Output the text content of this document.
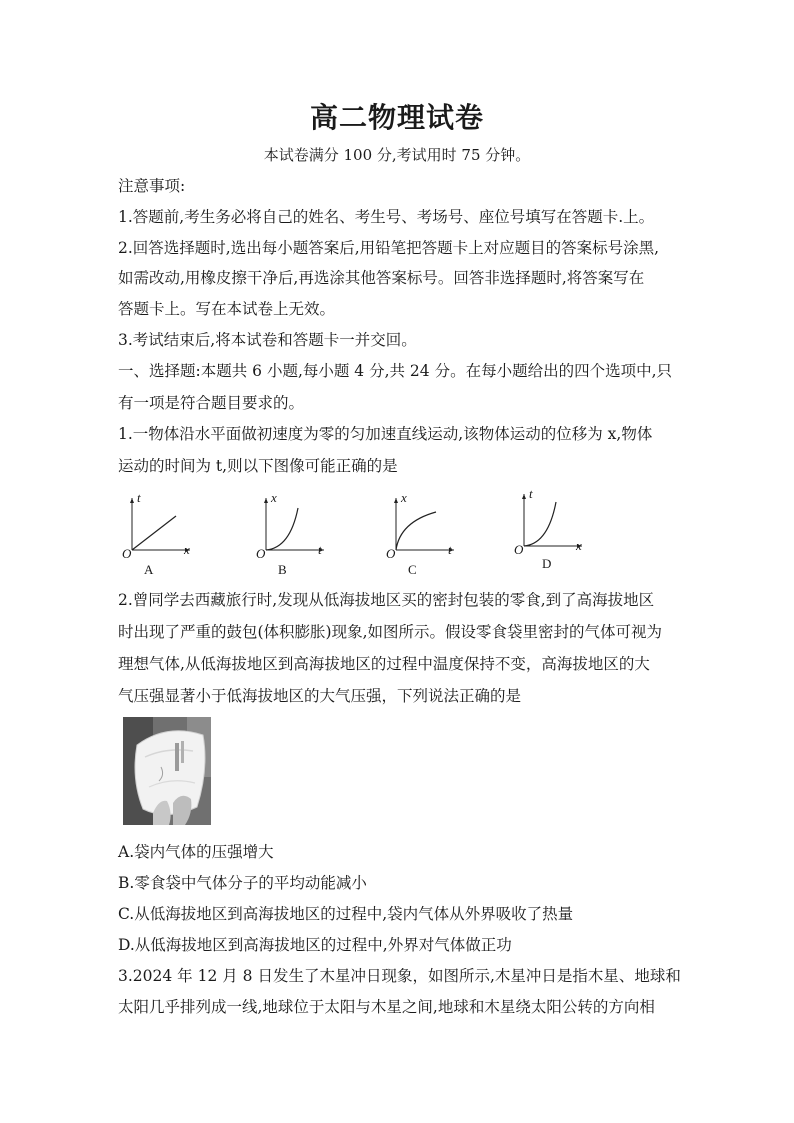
高二物理试卷
本试卷满分 100 分,考试用时 75 分钟。
注意事项:
1.答题前,考生务必将自己的姓名、考生号、考场号、座位号填写在答题卡.上。
2.回答选择题时,选出每小题答案后,用铅笔把答题卡上对应题目的答案标号涂黑,
如需改动,用橡皮擦干净后,再选涂其他答案标号。回答非选择题时,将答案写在
答题卡上。写在本试卷上无效。
3.考试结束后,将本试卷和答题卡一并交回。
一、选择题:本题共 6 小题,每小题 4 分,共 24 分。在每小题给出的四个选项中,只
有一项是符合题目要求的。
1.一物体沿水平面做初速度为零的匀加速直线运动,该物体运动的位移为 x,物体
运动的时间为 t,则以下图像可能正确的是
t
x
O
A
x
t
O
B
x
t
O
C
t
x
O
D
2.曾同学去西藏旅行时,发现从低海拔地区买的密封包装的零食,到了高海拔地区
时出现了严重的鼓包(体积膨胀)现象,如图所示。假设零食袋里密封的气体可视为
理想气体,从低海拔地区到高海拔地区的过程中温度保持不变，高海拔地区的大
气压强显著小于低海拔地区的大气压强，下列说法正确的是
A.袋内气体的压强增大
B.零食袋中气体分子的平均动能减小
C.从低海拔地区到高海拔地区的过程中,袋内气体从外界吸收了热量
D.从低海拔地区到高海拔地区的过程中,外界对气体做正功
3.2024 年 12 月 8 日发生了木星冲日现象，如图所示,木星冲日是指木星、地球和
太阳几乎排列成一线,地球位于太阳与木星之间,地球和木星绕太阳公转的方向相
